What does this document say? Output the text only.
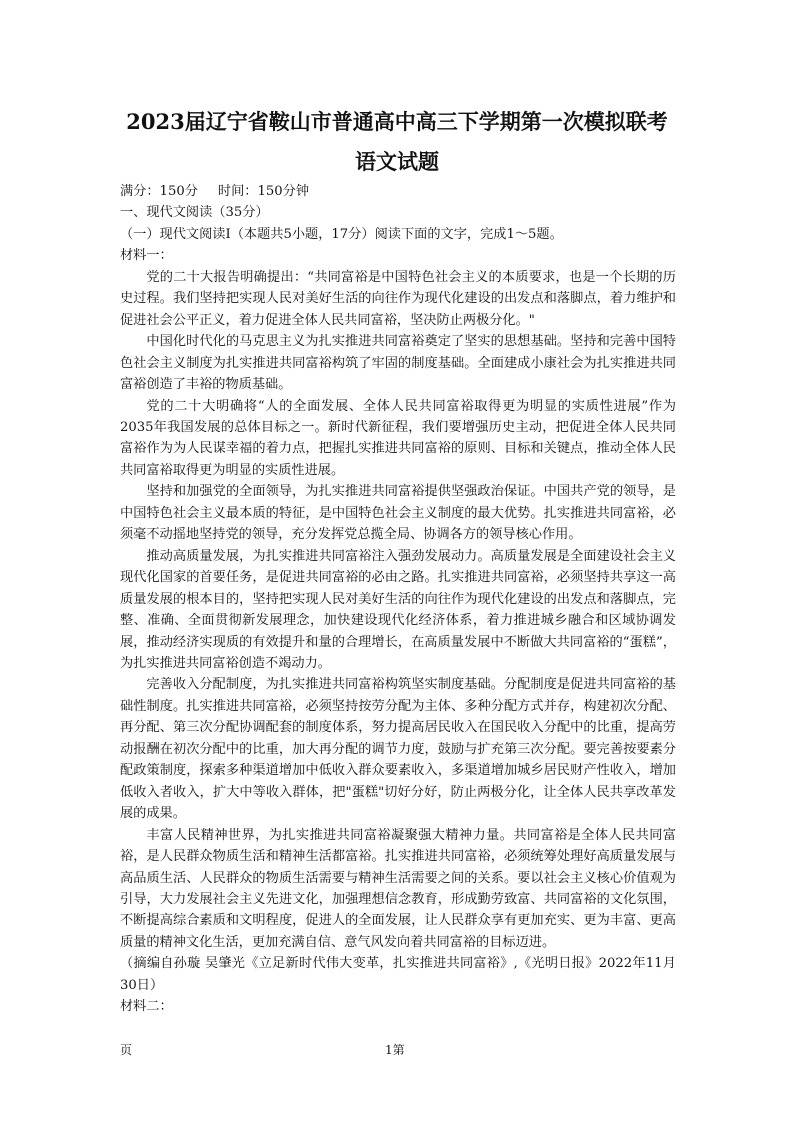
2023届辽宁省鞍山市普通高中高三下学期第一次模拟联考
语文试题

满分：150分 时间：150分钟

一、现代文阅读（35分）

（一）现代文阅读Ⅰ（本题共5小题，17分）阅读下面的文字，完成1～5题。

材料一：

党的二十大报告明确提出：“共同富裕是中国特色社会主义的本质要求，也是一个长期的历史过程。我们坚持把实现人民对美好生活的向往作为现代化建设的出发点和落脚点，着力维护和促进社会公平正义，着力促进全体人民共同富裕，坚决防止两极分化。"

中国化时代化的马克思主义为扎实推进共同富裕奠定了坚实的思想基础。坚持和完善中国特色社会主义制度为扎实推进共同富裕构筑了牢固的制度基础。全面建成小康社会为扎实推进共同富裕创造了丰裕的物质基础。

党的二十大明确将“人的全面发展、全体人民共同富裕取得更为明显的实质性进展”作为2035年我国发展的总体目标之一。新时代新征程，我们要增强历史主动，把促进全体人民共同富裕作为为人民谋幸福的着力点，把握扎实推进共同富裕的原则、目标和关键点，推动全体人民共同富裕取得更为明显的实质性进展。

坚持和加强党的全面领导，为扎实推进共同富裕提供坚强政治保证。中国共产党的领导，是中国特色社会主义最本质的特征，是中国特色社会主义制度的最大优势。扎实推进共同富裕，必须毫不动摇地坚持党的领导，充分发挥党总揽全局、协调各方的领导核心作用。

推动高质量发展，为扎实推进共同富裕注入强劲发展动力。高质量发展是全面建设社会主义现代化国家的首要任务，是促进共同富裕的必由之路。扎实推进共同富裕，必须坚持共享这一高质量发展的根本目的，坚持把实现人民对美好生活的向往作为现代化建设的出发点和落脚点，完整、准确、全面贯彻新发展理念，加快建设现代化经济体系，着力推进城乡融合和区域协调发展，推动经济实现质的有效提升和量的合理增长，在高质量发展中不断做大共同富裕的“蛋糕”，为扎实推进共同富裕创造不竭动力。

完善收入分配制度，为扎实推进共同富裕构筑坚实制度基础。分配制度是促进共同富裕的基础性制度。扎实推进共同富裕，必须坚持按劳分配为主体、多种分配方式并存，构建初次分配、再分配、第三次分配协调配套的制度体系，努力提高居民收入在国民收入分配中的比重，提高劳动报酬在初次分配中的比重，加大再分配的调节力度，鼓励与扩充第三次分配。要完善按要素分配政策制度，探索多种渠道增加中低收入群众要素收入，多渠道增加城乡居民财产性收入，增加低收入者收入，扩大中等收入群体，把"蛋糕"切好分好，防止两极分化，让全体人民共享改革发展的成果。

丰富人民精神世界，为扎实推进共同富裕凝聚强大精神力量。共同富裕是全体人民共同富裕，是人民群众物质生活和精神生活都富裕。扎实推进共同富裕，必须统筹处理好高质量发展与高品质生活、人民群众的物质生活需要与精神生活需要之间的关系。要以社会主义核心价值观为引导，大力发展社会主义先进文化，加强理想信念教育，形成勤劳致富、共同富裕的文化氛围，不断提高综合素质和文明程度，促进人的全面发展，让人民群众享有更加充实、更为丰富、更高质量的精神文化生活，更加充满自信、意气风发向着共同富裕的目标迈进。

（摘编自孙璇 吴肇光《立足新时代伟大变革，扎实推进共同富裕》,《光明日报》2022年11月30日）

材料二：

页	1第
